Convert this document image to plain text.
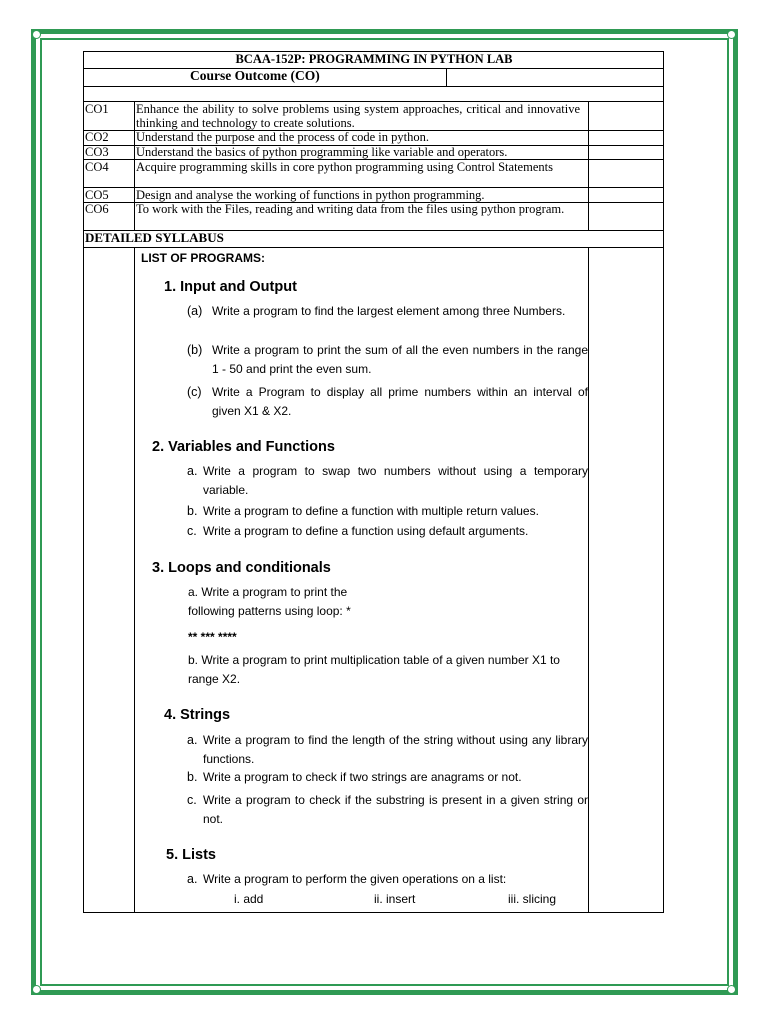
BCAA-152P: PROGRAMMING IN PYTHON LAB
Course Outcome (CO)
CO1 Enhance the ability to solve problems using system approaches, critical and innovative thinking and technology to create solutions.
CO2 Understand the purpose and the process of code in python.
CO3 Understand the basics of python programming like variable and operators.
CO4 Acquire programming skills in core python programming using Control Statements
CO5 Design and analyse the working of functions in python programming.
CO6 To work with the Files, reading and writing data from the files using python program.
DETAILED SYLLABUS
LIST OF PROGRAMS:
1. Input and Output
(a) Write a program to find the largest element among three Numbers.
(b) Write a program to print the sum of all the even numbers in the range 1 - 50 and print the even sum.
(c) Write a Program to display all prime numbers within an interval of given X1 & X2.
2. Variables and Functions
a. Write a program to swap two numbers without using a temporary variable.
b. Write a program to define a function with multiple return values.
c. Write a program to define a function using default arguments.
3. Loops and conditionals
a. Write a program to print the following patterns using loop: *
** *** ****
b. Write a program to print multiplication table of a given number X1 to range X2.
4. Strings
a. Write a program to find the length of the string without using any library functions.
b. Write a program to check if two strings are anagrams or not.
c. Write a program to check if the substring is present in a given string or not.
5. Lists
a. Write a program to perform the given operations on a list:
i. add	ii. insert	iii. slicing
